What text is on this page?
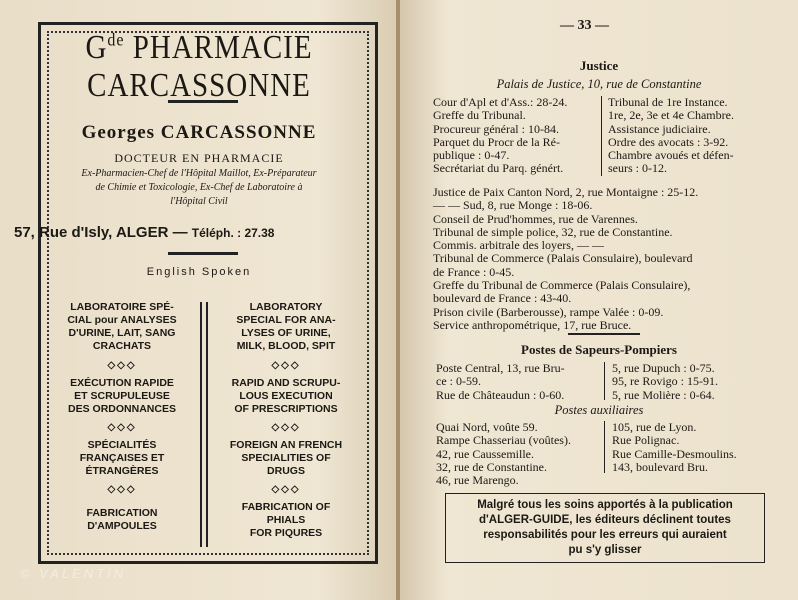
$G^{de}$ PHARMACIE CARCASSONNE
Georges CARCASSONNE
DOCTEUR EN PHARMACIE
Ex-Pharmacien-Chef de l'Hôpital Maillot, Ex-Préparateur
de Chimie et Toxicologie, Ex-Chef de Laboratoire à
l'Hôpital Civil
57, Rue d'Isly, ALGER — Téléph. : 27.38
English Spoken
LABORATOIRE SPÉ-
CIAL pour ANALYSES
D'URINE, LAIT, SANG
CRACHATS
◇◇◇
EXÉCUTION RAPIDE
ET SCRUPULEUSE
DES ORDONNANCES
◇◇◇
SPÉCIALITÉS
FRANÇAISES ET
ÉTRANGÈRES
◇◇◇
FABRICATION
D'AMPOULES
LABORATORY
SPECIAL FOR ANA-
LYSES OF URINE,
MILK, BLOOD, SPIT
◇◇◇
RAPID AND SCRUPU-
LOUS EXECUTION
OF PRESCRIPTIONS
◇◇◇
FOREIGN AN FRENCH
SPECIALITIES OF
DRUGS
◇◇◇
FABRICATION OF
PHIALS
FOR PIQURES
— 33 —
Justice
Palais de Justice, 10, rue de Constantine
Cour d'Apl et d'Ass.: 28-24.
Greffe du Tribunal.
Procureur général : 10-84.
Parquet du Procr de la Ré-
publique : 0-47.
Secrétariat du Parq. génért.
Tribunal de 1re Instance.
1re, 2e, 3e et 4e Chambre.
Assistance judiciaire.
Ordre des avocats : 3-92.
Chambre avoués et défen-
seurs : 0-12.
Justice de Paix Canton Nord, 2, rue Montaigne : 25-12.
— — Sud, 8, rue Monge : 18-06.
Conseil de Prud'hommes, rue de Varennes.
Tribunal de simple police, 32, rue de Constantine.
Commis. arbitrale des loyers, — —
Tribunal de Commerce (Palais Consulaire), boulevard
de France : 0-45.
Greffe du Tribunal de Commerce (Palais Consulaire),
boulevard de France : 43-40.
Prison civile (Barberousse), rampe Valée : 0-09.
Service anthropométrique, 17, rue Bruce.
Postes de Sapeurs-Pompiers
Poste Central, 13, rue Bru-
ce : 0-59.
Rue de Châteaudun : 0-60.
5, rue Dupuch : 0-75.
95, re Rovigo : 15-91.
5, rue Molière : 0-64.
Postes auxiliaires
Quai Nord, voûte 59.
Rampe Chasseriau (voûtes).
42, rue Caussemille.
32, rue de Constantine.
46, rue Marengo.
105, rue de Lyon.
Rue Polignac.
Rue Camille-Desmoulins.
143, boulevard Bru.
Malgré tous les soins apportés à la publication
d'ALGER-GUIDE, les éditeurs déclinent toutes
responsabilités pour les erreurs qui auraient
pu s'y glisser
© VALENTIN
